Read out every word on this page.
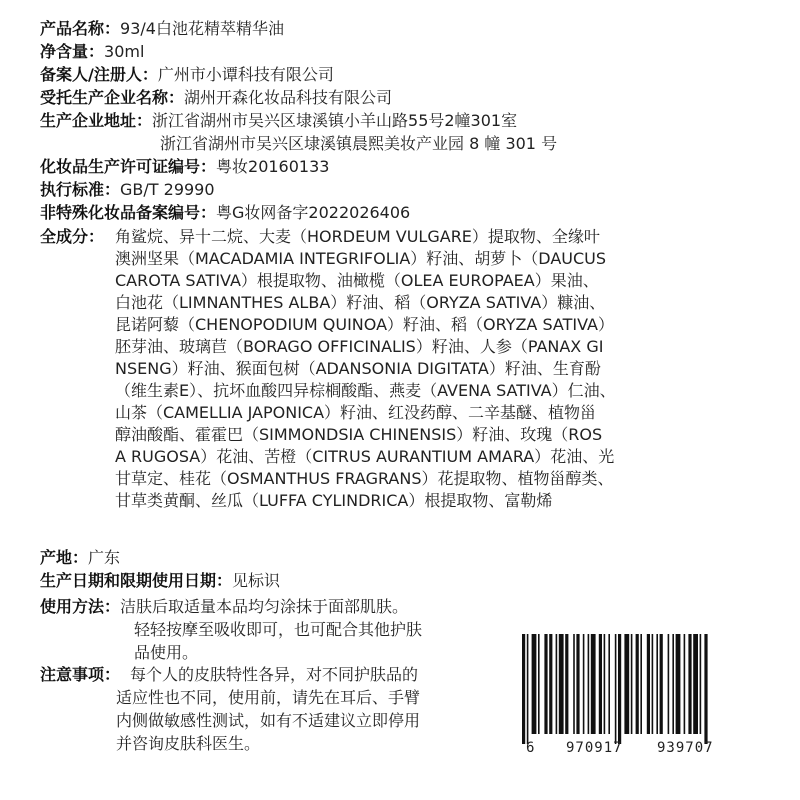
产品名称：93/4白池花精萃精华油
净含量：30ml
备案人/注册人：广州市小谭科技有限公司
受托生产企业名称：湖州开森化妆品科技有限公司
生产企业地址：浙江省湖州市吴兴区埭溪镇小羊山路55号2幢301室
浙江省湖州市吴兴区埭溪镇晨熙美妆产业园 8 幢 301 号
化妆品生产许可证编号：粤妆20160133
执行标准：GB/T 29990
非特殊化妆品备案编号：粤G妆网备字2022026406
全成分： 角鲨烷、异十二烷、大麦（HORDEUM VULGARE）提取物、全缘叶
澳洲坚果（MACADAMIA INTEGRIFOLIA）籽油、胡萝卜（DAUCUS
CAROTA SATIVA）根提取物、油橄榄（OLEA EUROPAEA）果油、
白池花（LIMNANTHES ALBA）籽油、稻（ORYZA SATIVA）糠油、
昆诺阿藜（CHENOPODIUM QUINOA）籽油、稻（ORYZA SATIVA）
胚芽油、玻璃苣（BORAGO OFFICINALIS）籽油、人参（PANAX GI
NSENG）籽油、猴面包树（ADANSONIA DIGITATA）籽油、生育酚
（维生素E）、抗坏血酸四异棕榈酸酯、燕麦（AVENA SATIVA）仁油、
山茶（CAMELLIA JAPONICA）籽油、红没药醇、二辛基醚、植物甾
醇油酸酯、霍霍巴（SIMMONDSIA CHINENSIS）籽油、玫瑰（ROS
A RUGOSA）花油、苦橙（CITRUS AURANTIUM AMARA）花油、光
甘草定、桂花（OSMANTHUS FRAGRANS）花提取物、植物甾醇类、
甘草类黄酮、丝瓜（LUFFA CYLINDRICA）根提取物、富勒烯
产地：广东
生产日期和限期使用日期：见标识
使用方法： 洁肤后取适量本品均匀涂抹于面部肌肤。
轻轻按摩至吸收即可，也可配合其他护肤
品使用。
注意事项： 每个人的皮肤特性各异，对不同护肤品的
适应性也不同，使用前，请先在耳后、手臂
内侧做敏感性测试，如有不适建议立即停用
并咨询皮肤科医生。	6 970917 939707
